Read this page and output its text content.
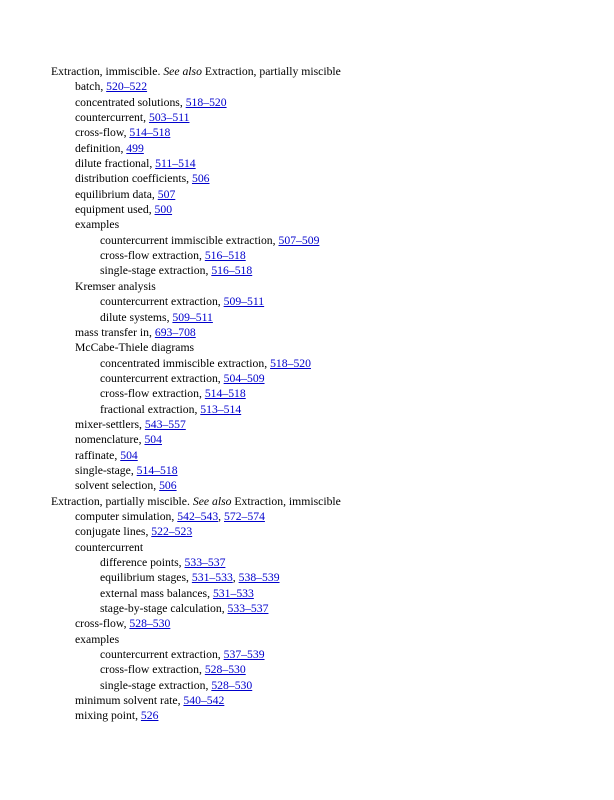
Extraction, immiscible. See also Extraction, partially miscible
batch, 520–522
concentrated solutions, 518–520
countercurrent, 503–511
cross-flow, 514–518
definition, 499
dilute fractional, 511–514
distribution coefficients, 506
equilibrium data, 507
equipment used, 500
examples
countercurrent immiscible extraction, 507–509
cross-flow extraction, 516–518
single-stage extraction, 516–518
Kremser analysis
countercurrent extraction, 509–511
dilute systems, 509–511
mass transfer in, 693–708
McCabe-Thiele diagrams
concentrated immiscible extraction, 518–520
countercurrent extraction, 504–509
cross-flow extraction, 514–518
fractional extraction, 513–514
mixer-settlers, 543–557
nomenclature, 504
raffinate, 504
single-stage, 514–518
solvent selection, 506
Extraction, partially miscible. See also Extraction, immiscible
computer simulation, 542–543, 572–574
conjugate lines, 522–523
countercurrent
difference points, 533–537
equilibrium stages, 531–533, 538–539
external mass balances, 531–533
stage-by-stage calculation, 533–537
cross-flow, 528–530
examples
countercurrent extraction, 537–539
cross-flow extraction, 528–530
single-stage extraction, 528–530
minimum solvent rate, 540–542
mixing point, 526
